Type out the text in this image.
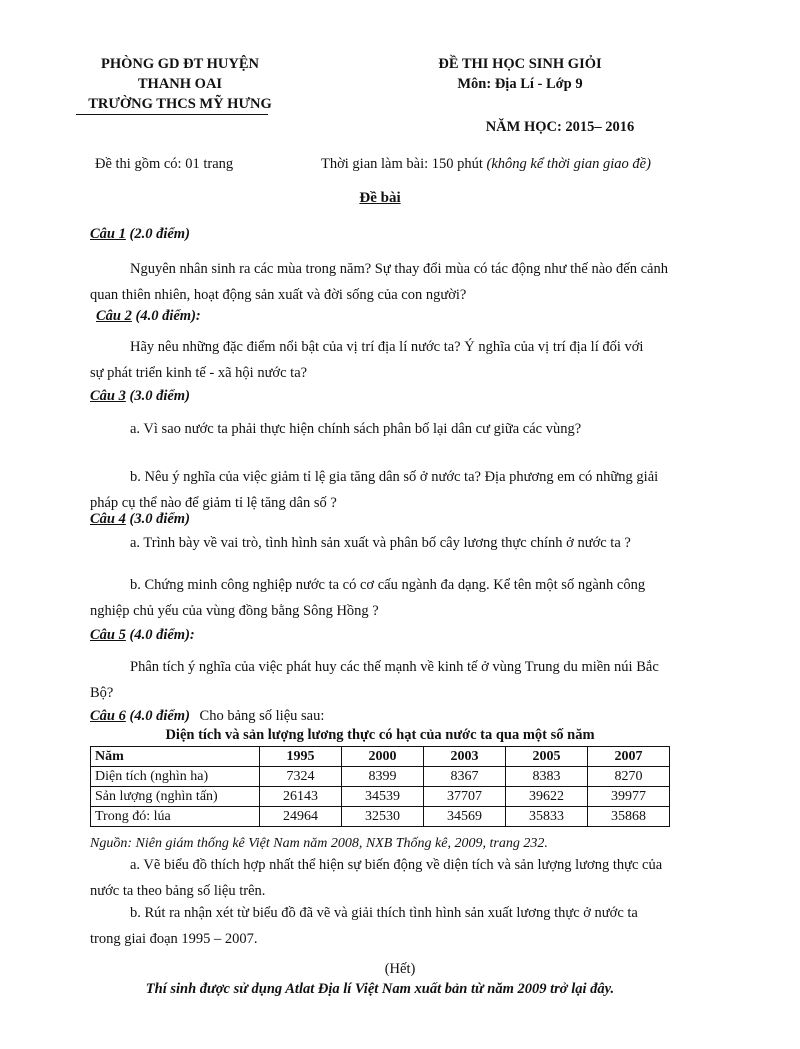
PHÒNG GD ĐT HUYỆN
THANH OAI
TRƯỜNG THCS MỸ HƯNG
ĐỀ THI HỌC SINH GIỎI
Môn: Địa Lí - Lớp 9
NĂM HỌC: 2015– 2016
Đề thi gồm có: 01 trang	Thời gian làm bài: 150 phút (không kể thời gian giao đề)
Đề bài
Câu 1 (2.0 điểm)
Nguyên nhân sinh ra các mùa trong năm? Sự thay đổi mùa có tác động như thế nào đến cảnh quan thiên nhiên, hoạt động sản xuất và đời sống của con người?
Câu 2 (4.0 điểm):
Hãy nêu những đặc điểm nổi bật của vị trí địa lí nước ta? Ý nghĩa của vị trí địa lí đối với sự phát triển kinh tế - xã hội nước ta?
Câu 3 (3.0 điểm)
a. Vì sao nước ta phải thực hiện chính sách phân bố lại dân cư giữa các vùng?
b. Nêu ý nghĩa của việc giảm tỉ lệ gia tăng dân số ở nước ta? Địa phương em có những giải pháp cụ thể nào để giảm tỉ lệ tăng dân số ?
Câu 4 (3.0 điểm)
a. Trình bày về vai trò, tình hình sản xuất và phân bố cây lương thực chính ở nước ta ?
b. Chứng minh công nghiệp nước ta có cơ cấu ngành đa dạng. Kể tên một số ngành công nghiệp chủ yếu của vùng đồng bằng Sông Hồng ?
Câu 5 (4.0 điểm):
Phân tích ý nghĩa của việc phát huy các thế mạnh về kinh tế ở vùng Trung du miền núi Bắc Bộ?
Câu 6 (4.0 điểm) Cho bảng số liệu sau:
Diện tích và sản lượng lương thực có hạt của nước ta qua một số năm
Năm	1995	2000	2003	2005	2007
Diện tích (nghìn ha)	7324	8399	8367	8383	8270
Sản lượng (nghìn tấn)	26143	34539	37707	39622	39977
Trong đó: lúa	24964	32530	34569	35833	35868
Nguồn: Niên giám thống kê Việt Nam năm 2008, NXB Thống kê, 2009, trang 232.
a. Vẽ biểu đồ thích hợp nhất thể hiện sự biến động về diện tích và sản lượng lương thực của nước ta theo bảng số liệu trên.
b. Rút ra nhận xét từ biểu đồ đã vẽ và giải thích tình hình sản xuất lương thực ở nước ta trong giai đoạn 1995 – 2007.
(Hết)
Thí sinh được sử dụng Atlat Địa lí Việt Nam xuất bản từ năm 2009 trở lại đây.
